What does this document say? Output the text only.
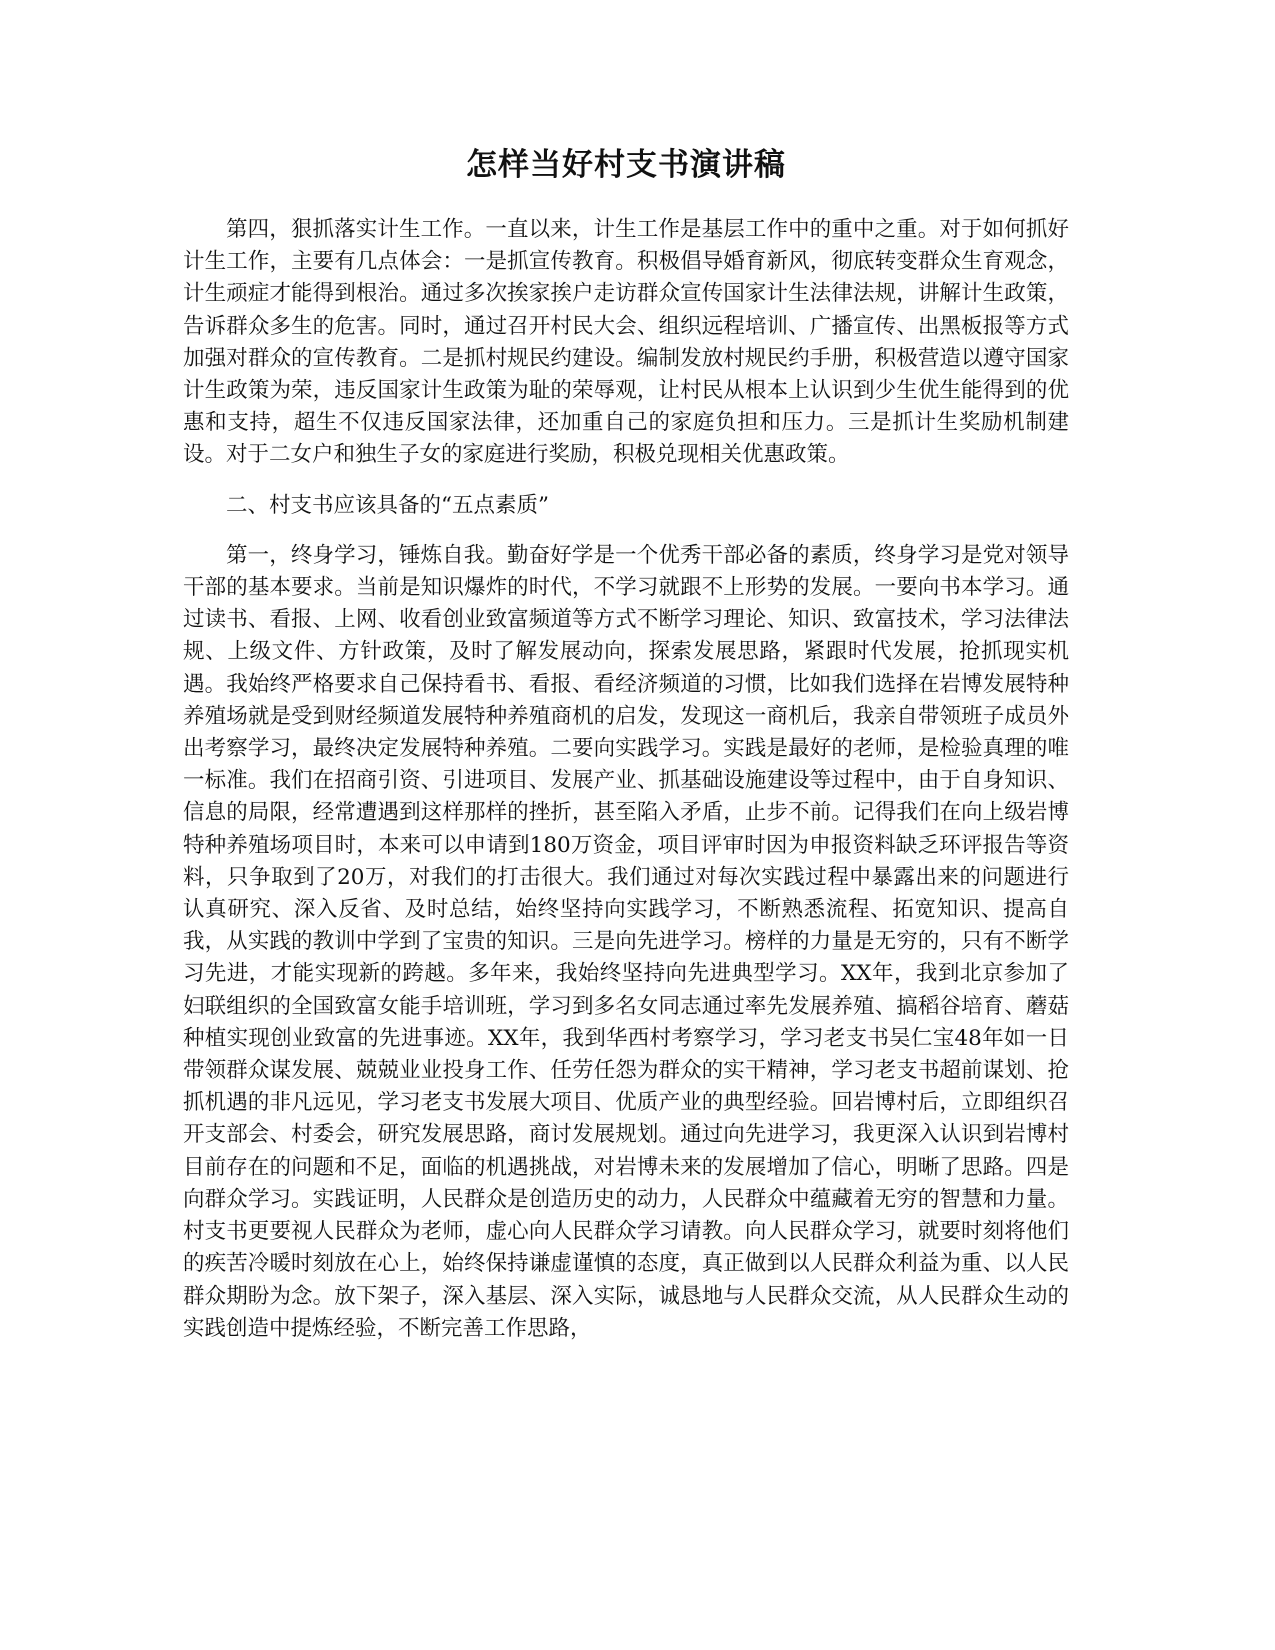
怎样当好村支书演讲稿

第四，狠抓落实计生工作。一直以来，计生工作是基层工作中的重中之重。对于如何抓好计生工作，主要有几点体会：一是抓宣传教育。积极倡导婚育新风，彻底转变群众生育观念，计生顽症才能得到根治。通过多次挨家挨户走访群众宣传国家计生法律法规，讲解计生政策，告诉群众多生的危害。同时，通过召开村民大会、组织远程培训、广播宣传、出黑板报等方式加强对群众的宣传教育。二是抓村规民约建设。编制发放村规民约手册，积极营造以遵守国家计生政策为荣，违反国家计生政策为耻的荣辱观，让村民从根本上认识到少生优生能得到的优惠和支持，超生不仅违反国家法律，还加重自己的家庭负担和压力。三是抓计生奖励机制建设。对于二女户和独生子女的家庭进行奖励，积极兑现相关优惠政策。

二、村支书应该具备的“五点素质”

第一，终身学习，锤炼自我。勤奋好学是一个优秀干部必备的素质，终身学习是党对领导干部的基本要求。当前是知识爆炸的时代，不学习就跟不上形势的发展。一要向书本学习。通过读书、看报、上网、收看创业致富频道等方式不断学习理论、知识、致富技术，学习法律法规、上级文件、方针政策，及时了解发展动向，探索发展思路，紧跟时代发展，抢抓现实机遇。我始终严格要求自己保持看书、看报、看经济频道的习惯，比如我们选择在岩博发展特种养殖场就是受到财经频道发展特种养殖商机的启发，发现这一商机后，我亲自带领班子成员外出考察学习，最终决定发展特种养殖。二要向实践学习。实践是最好的老师，是检验真理的唯一标准。我们在招商引资、引进项目、发展产业、抓基础设施建设等过程中，由于自身知识、信息的局限，经常遭遇到这样那样的挫折，甚至陷入矛盾，止步不前。记得我们在向上级岩博特种养殖场项目时，本来可以申请到180万资金，项目评审时因为申报资料缺乏环评报告等资料，只争取到了20万，对我们的打击很大。我们通过对每次实践过程中暴露出来的问题进行认真研究、深入反省、及时总结，始终坚持向实践学习，不断熟悉流程、拓宽知识、提高自我，从实践的教训中学到了宝贵的知识。三是向先进学习。榜样的力量是无穷的，只有不断学习先进，才能实现新的跨越。多年来，我始终坚持向先进典型学习。XX年，我到北京参加了妇联组织的全国致富女能手培训班，学习到多名女同志通过率先发展养殖、搞稻谷培育、蘑菇种植实现创业致富的先进事迹。XX年，我到华西村考察学习，学习老支书吴仁宝48年如一日带领群众谋发展、兢兢业业投身工作、任劳任怨为群众的实干精神，学习老支书超前谋划、抢抓机遇的非凡远见，学习老支书发展大项目、优质产业的典型经验。回岩博村后，立即组织召开支部会、村委会，研究发展思路，商讨发展规划。通过向先进学习，我更深入认识到岩博村目前存在的问题和不足，面临的机遇挑战，对岩博未来的发展增加了信心，明晰了思路。四是向群众学习。实践证明，人民群众是创造历史的动力，人民群众中蕴藏着无穷的智慧和力量。村支书更要视人民群众为老师，虚心向人民群众学习请教。向人民群众学习，就要时刻将他们的疾苦冷暖时刻放在心上，始终保持谦虚谨慎的态度，真正做到以人民群众利益为重、以人民群众期盼为念。放下架子，深入基层、深入实际，诚恳地与人民群众交流，从人民群众生动的实践创造中提炼经验，不断完善工作思路，
